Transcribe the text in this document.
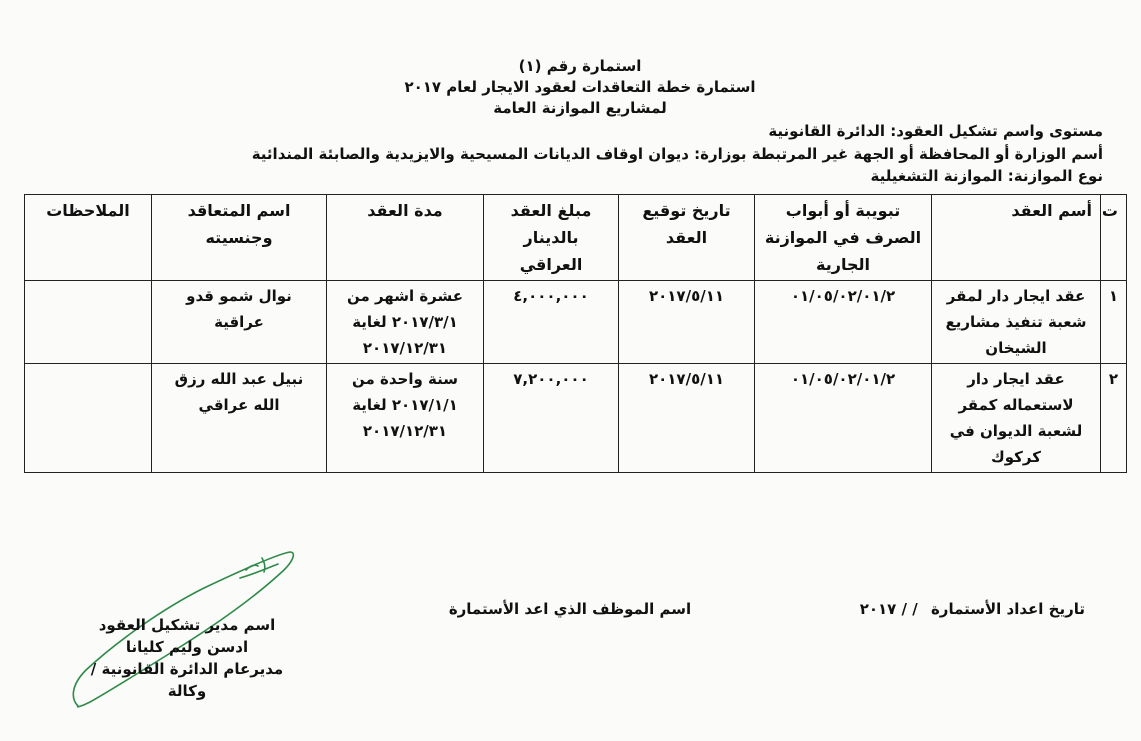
استمارة رقم (١)
استمارة خطة التعاقدات لعقود الايجار لعام ٢٠١٧
لمشاريع الموازنة العامة
مستوى واسم تشكيل العقود: الدائرة القانونية
أسم الوزارة أو المحافظة أو الجهة غير المرتبطة بوزارة: ديوان اوقاف الديانات المسيحية والايزيدية والصابئة المندائية
نوع الموازنة: الموازنة التشغيلية
ت	أسم العقد	تبويبة أو أبواب الصرف في الموازنة الجارية	تاريخ توقيع العقد	مبلغ العقد بالدينار العراقي	مدة العقد	اسم المتعاقد وجنسيته	الملاحظات
١	عقد ايجار دار لمقر شعبة تنفيذ مشاريع الشيخان	٠١/٠٥/٠٢/٠١/٢	٢٠١٧/٥/١١	٤,٠٠٠,٠٠٠	عشرة اشهر من ٢٠١٧/٣/١ لغاية ٢٠١٧/١٢/٣١	نوال شمو قدو عراقية	
٢	عقد ايجار دار لاستعماله كمقر لشعبة الديوان في كركوك	٠١/٠٥/٠٢/٠١/٢	٢٠١٧/٥/١١	٧,٢٠٠,٠٠٠	سنة واحدة من ٢٠١٧/١/١ لغاية ٢٠١٧/١٢/٣١	نبيل عبد الله رزق الله عراقي	
تاريخ اعداد الأستمارة / / ٢٠١٧
اسم الموظف الذي اعد الأستمارة
اسم مدير تشكيل العقود
ادسن وليم كليانا
مديرعام الدائرة القانونية / وكالة
